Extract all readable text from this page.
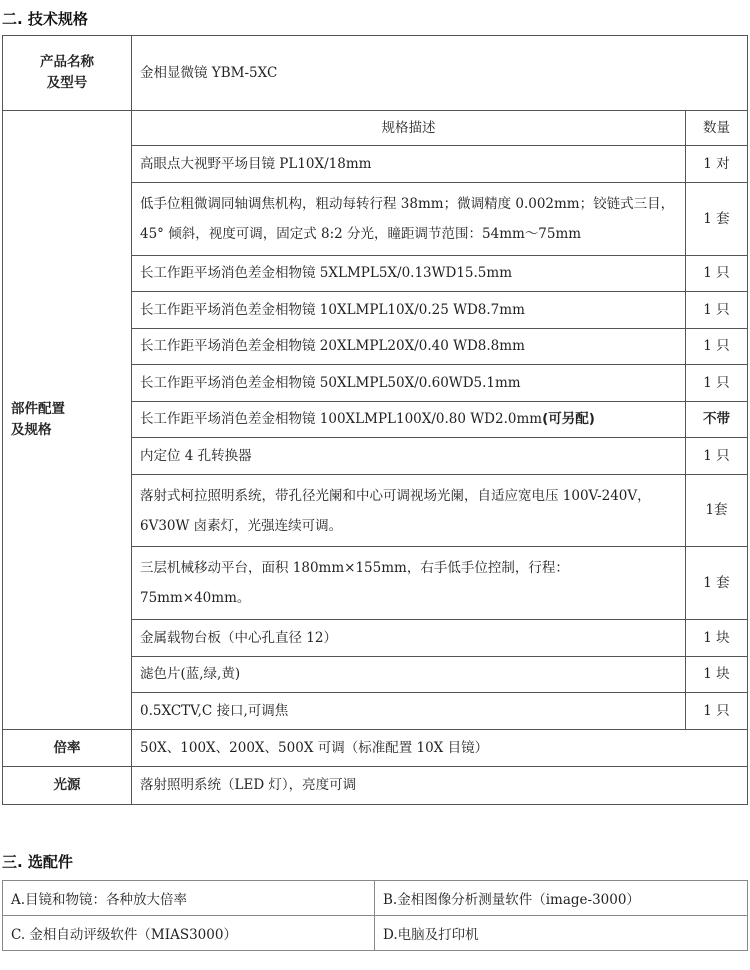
二. 技术规格
产品名称
及型号	金相显微镜 YBM-5XC	

部件配置
及规格	规格描述	数量
	高眼点大视野平场目镜 PL10X/18mm	1 对
	低手位粗微调同轴调焦机构，粗动每转行程 38mm；微调精度 0.002mm；铰链式三目，45° 倾斜，视度可调，固定式 8:2 分光，瞳距调节范围：54mm～75mm	1 套
	长工作距平场消色差金相物镜 5XLMPL5X/0.13WD15.5mm	1 只
	长工作距平场消色差金相物镜 10XLMPL10X/0.25 WD8.7mm	1 只
	长工作距平场消色差金相物镜 20XLMPL20X/0.40 WD8.8mm	1 只
	长工作距平场消色差金相物镜 50XLMPL50X/0.60WD5.1mm	1 只
	长工作距平场消色差金相物镜 100XLMPL100X/0.80 WD2.0mm(可另配)	不带
	内定位 4 孔转换器	1 只
	落射式柯拉照明系统，带孔径光阑和中心可调视场光阑，自适应宽电压 100V-240V，6V30W 卤素灯，光强连续可调。	1套
	三层机械移动平台，面积 180mm×155mm，右手低手位控制，行程：75mm×40mm。	1 套
	金属载物台板（中心孔直径 12）	1 块
	滤色片(蓝,绿,黄)	1 块
	0.5XCTV,C 接口,可调焦	1 只
倍率	50X、100X、200X、500X 可调（标准配置 10X 目镜）	
光源	落射照明系统（LED 灯），亮度可调	
三. 选配件
A.目镜和物镜：各种放大倍率	B.金相图像分析测量软件（image-3000）
C. 金相自动评级软件（MIAS3000）	D.电脑及打印机
